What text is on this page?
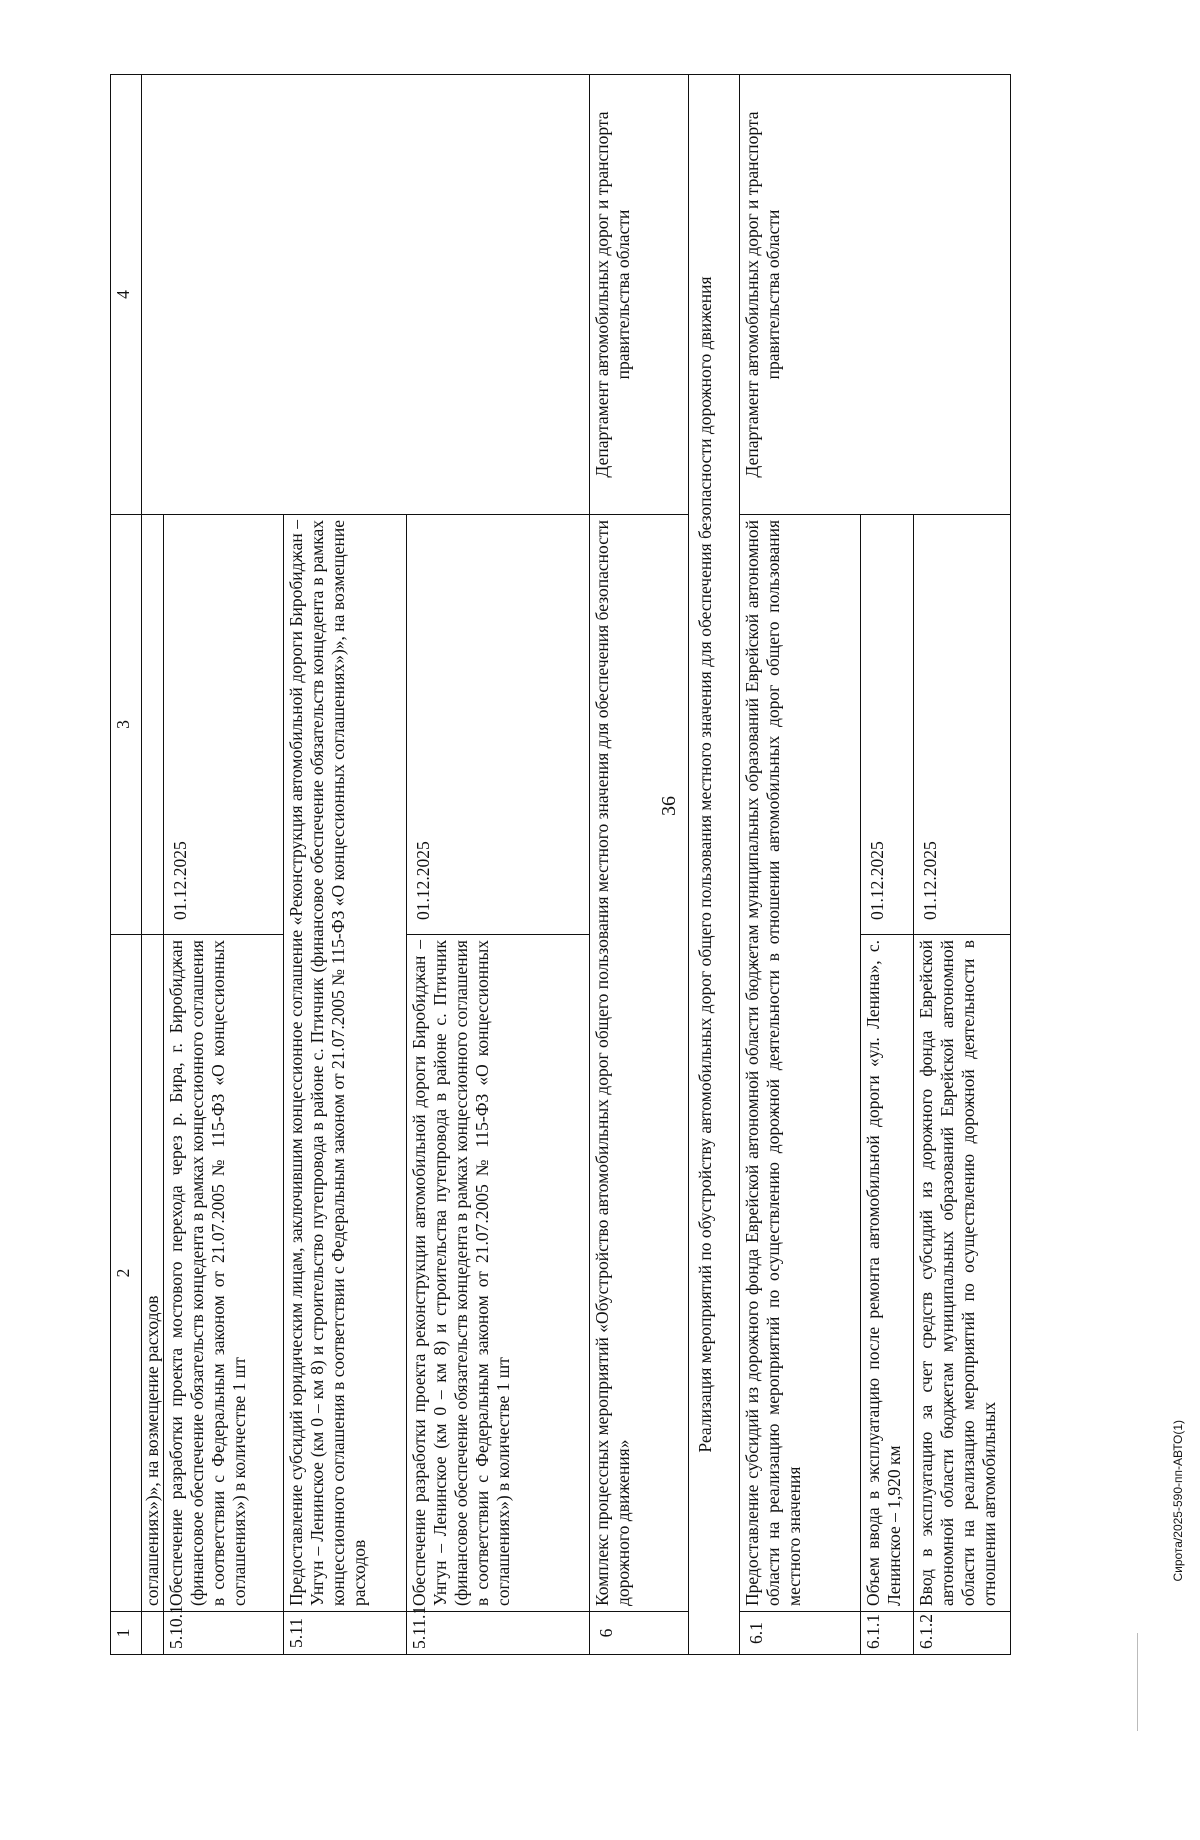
36
1	2	3	4
	соглашениях»)», на возмещение расходов		
5.10.1	Обеспечение разработки проекта мостового перехода через р. Бира, г. Биробиджан (финансовое обеспечение обязательств концедента в рамках концессионного соглашения в соответствии с Федеральным законом от 21.07.2005 № 115-ФЗ «О концессионных соглашениях») в количестве 1 шт	01.12.2025	
5.11	Предоставление субсидий юридическим лицам, заключившим концессионное соглашение «Реконструкция автомобильной дороги Биробиджан – Унгун – Ленинское (км 0 – км 8) и строительство путепровода в районе с. Птичник (финансовое обеспечение обязательств концедента в рамках концессионного соглашения в соответствии с Федеральным законом от 21.07.2005 № 115-ФЗ «О концессионных соглашениях»)», на возмещение расходов		
5.11.1	Обеспечение разработки проекта реконструкции автомобильной дороги Биробиджан – Унгун – Ленинское (км 0 – км 8) и строительства путепровода в районе с. Птичник (финансовое обеспечение обязательств концедента в рамках концессионного соглашения в соответствии с Федеральным законом от 21.07.2005 № 115-ФЗ «О концессионных соглашениях») в количестве 1 шт	01.12.2025	
6	Комплекс процессных мероприятий «Обустройство автомобильных дорог общего пользования местного значения для обеспечения безопасности дорожного движения»		Департамент автомобильных дорог и транспорта правительства области
Реализация мероприятий по обустройству автомобильных дорог общего пользования местного значения для обеспечения безопасности дорожного движения			
6.1	Предоставление субсидий из дорожного фонда Еврейской автономной области бюджетам муниципальных образований Еврейской автономной области на реализацию мероприятий по осуществлению дорожной деятельности в отношении автомобильных дорог общего пользования местного значения		Департамент автомобильных дорог и транспорта правительства области
6.1.1	Объем ввода в эксплуатацию после ремонта автомобильной дороги «ул. Ленина», с. Ленинское – 1,920 км	01.12.2025	
6.1.2	Ввод в эксплуатацию за счет средств субсидий из дорожного фонда Еврейской автономной области бюджетам муниципальных образований Еврейской автономной области на реализацию мероприятий по осуществлению дорожной деятельности в отношении автомобильных	01.12.2025	
Сирота/2025-590-пп-АВТО(1)
